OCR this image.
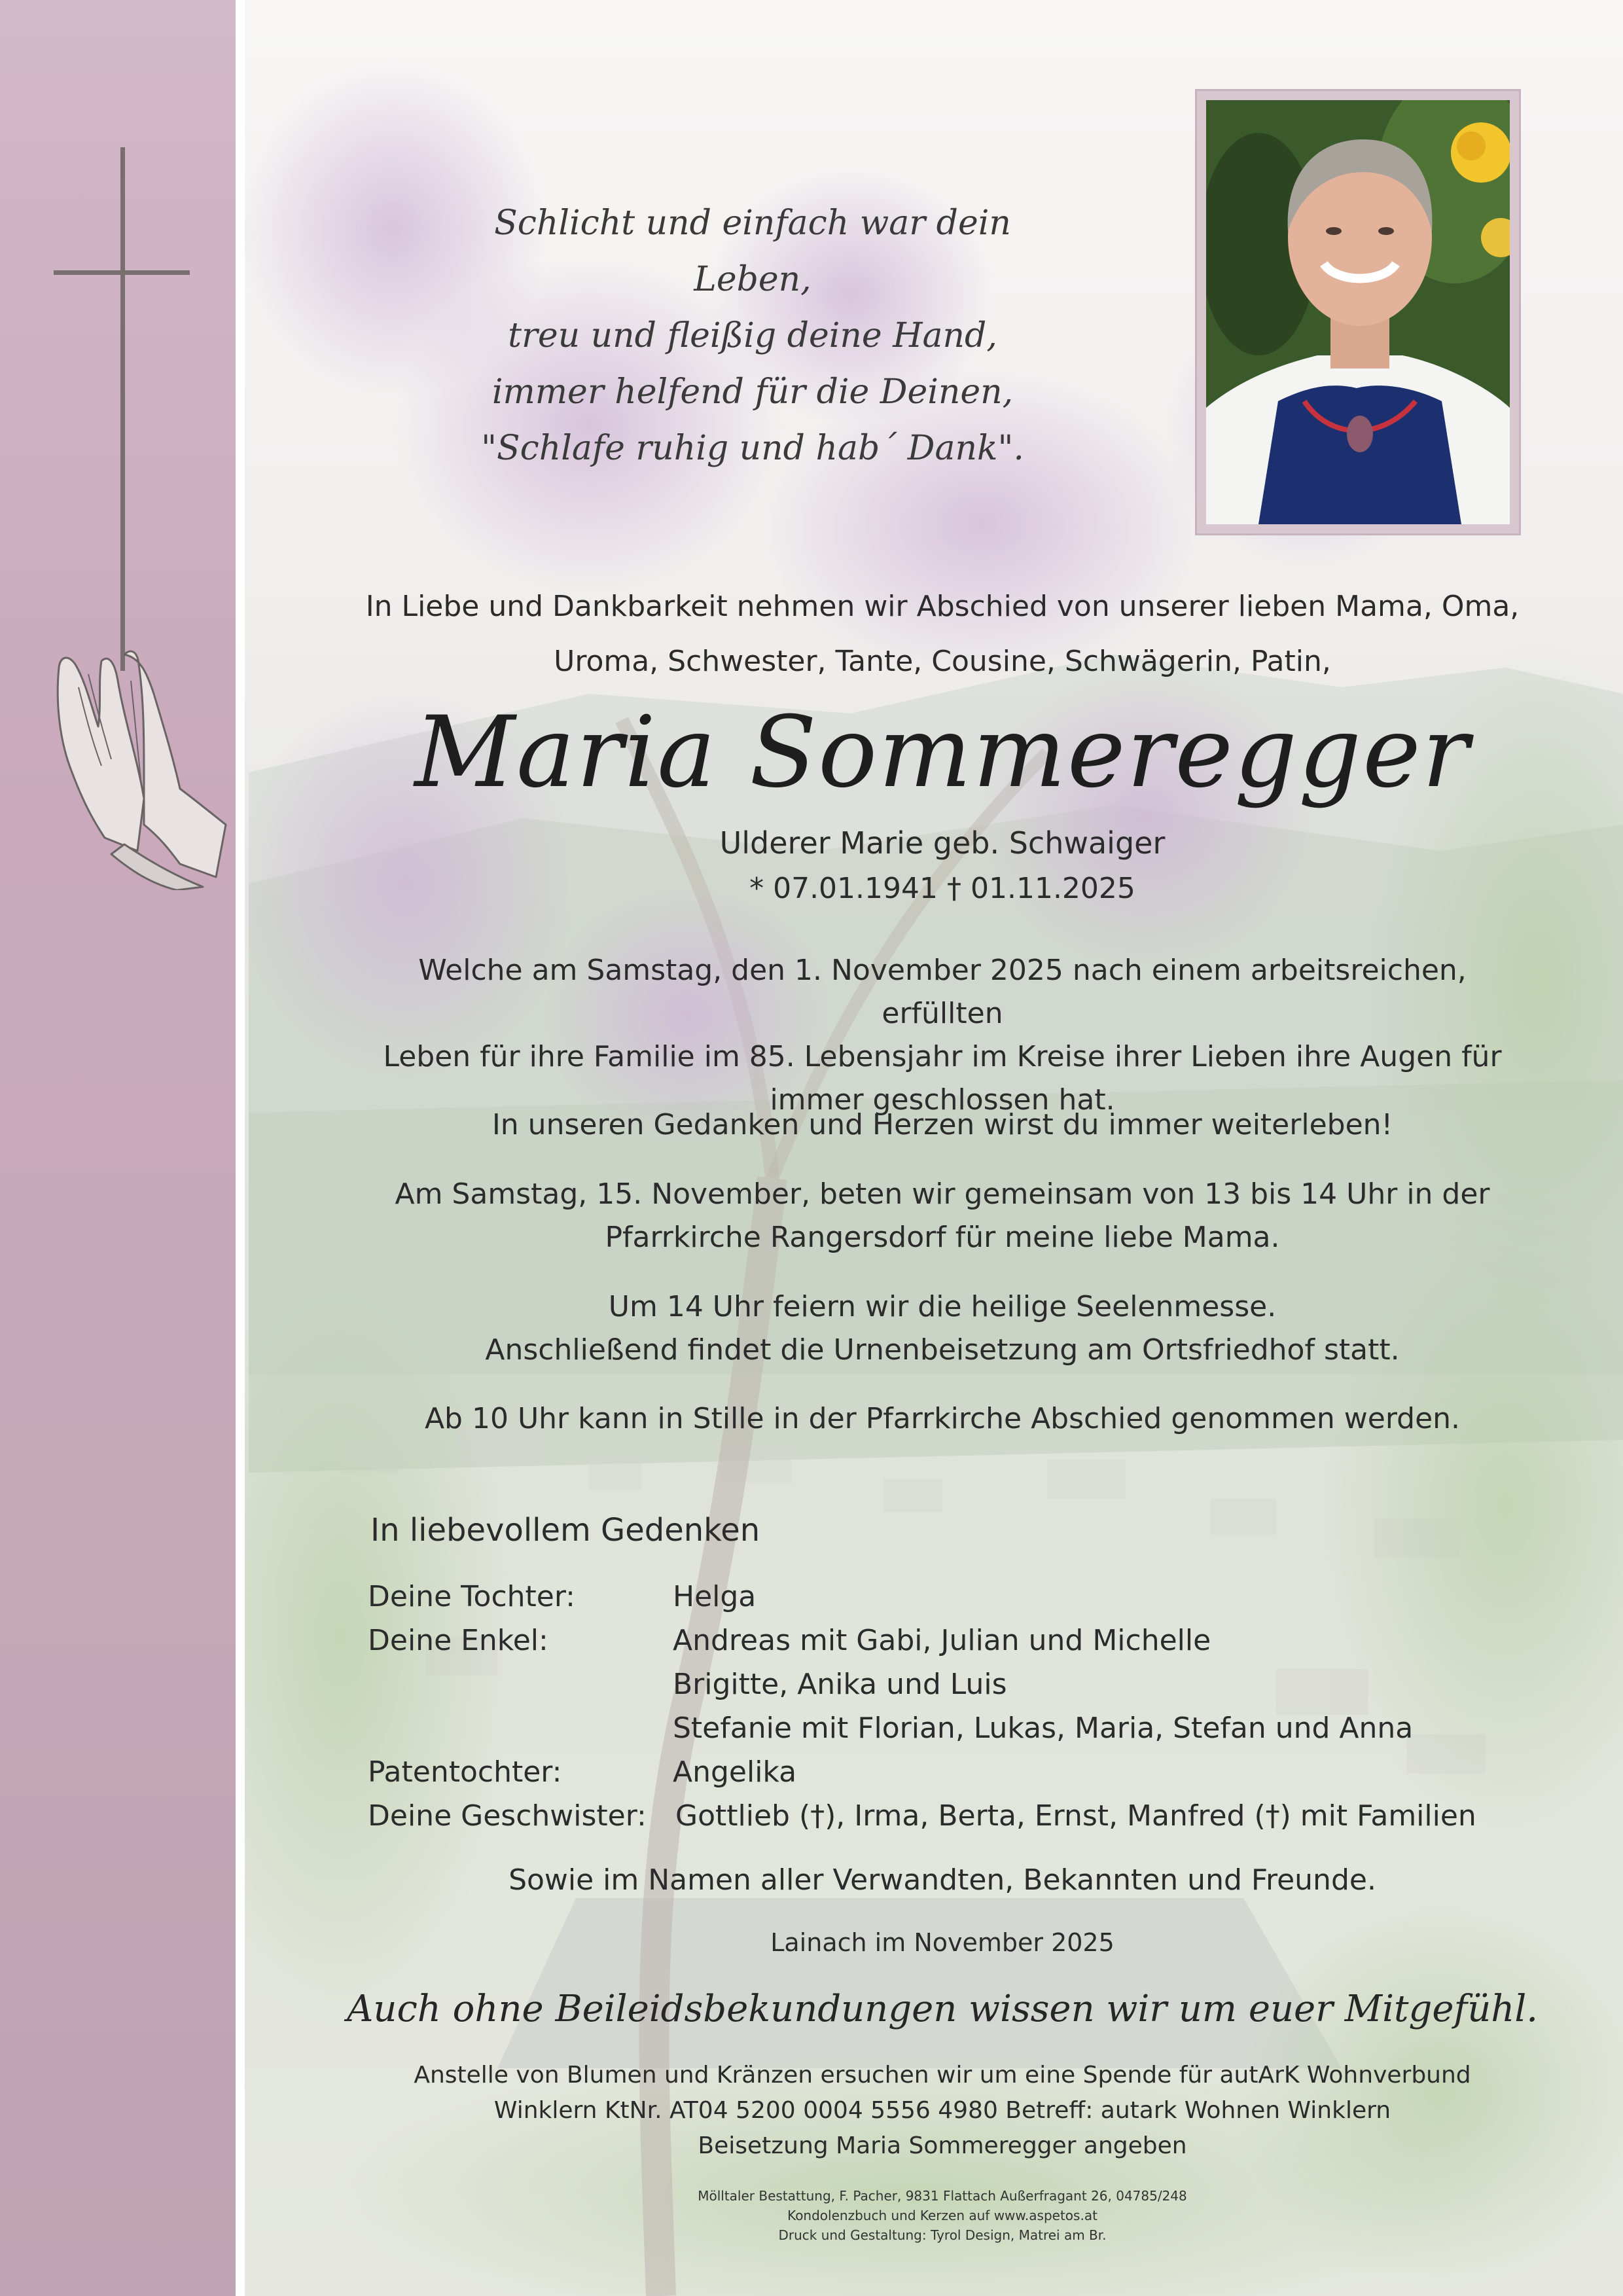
Schlicht und einfach war dein Leben,
treu und fleißig deine Hand,
immer helfend für die Deinen,
"Schlafe ruhig und hab´ Dank".
In Liebe und Dankbarkeit nehmen wir Abschied von unserer lieben Mama, Oma,
Uroma, Schwester, Tante, Cousine, Schwägerin, Patin,
Maria Sommeregger
Ulderer Marie geb. Schwaiger
* 07.01.1941 † 01.11.2025
Welche am Samstag, den 1. November 2025 nach einem arbeitsreichen, erfüllten
Leben für ihre Familie im 85. Lebensjahr im Kreise ihrer Lieben ihre Augen für
immer geschlossen hat.
In unseren Gedanken und Herzen wirst du immer weiterleben!
Am Samstag, 15. November, beten wir gemeinsam von 13 bis 14 Uhr in der
Pfarrkirche Rangersdorf für meine liebe Mama.
Um 14 Uhr feiern wir die heilige Seelenmesse.
Anschließend findet die Urnenbeisetzung am Ortsfriedhof statt.
Ab 10 Uhr kann in Stille in der Pfarrkirche Abschied genommen werden.
In liebevollem Gedenken
Deine Tochter:	Helga
Deine Enkel:	Andreas mit Gabi, Julian und Michelle
Brigitte, Anika und Luis
Stefanie mit Florian, Lukas, Maria, Stefan und Anna
Patentochter:	Angelika
Deine Geschwister: Gottlieb (†), Irma, Berta, Ernst, Manfred (†) mit Familien
Sowie im Namen aller Verwandten, Bekannten und Freunde.
Lainach im November 2025
Auch ohne Beileidsbekundungen wissen wir um euer Mitgefühl.
Anstelle von Blumen und Kränzen ersuchen wir um eine Spende für autArK Wohnverbund
Winklern KtNr. AT04 5200 0004 5556 4980 Betreff: autark Wohnen Winklern
Beisetzung Maria Sommeregger angeben
Mölltaler Bestattung, F. Pacher, 9831 Flattach Außerfragant 26, 04785/248
Kondolenzbuch und Kerzen auf www.aspetos.at
Druck und Gestaltung: Tyrol Design, Matrei am Br.
